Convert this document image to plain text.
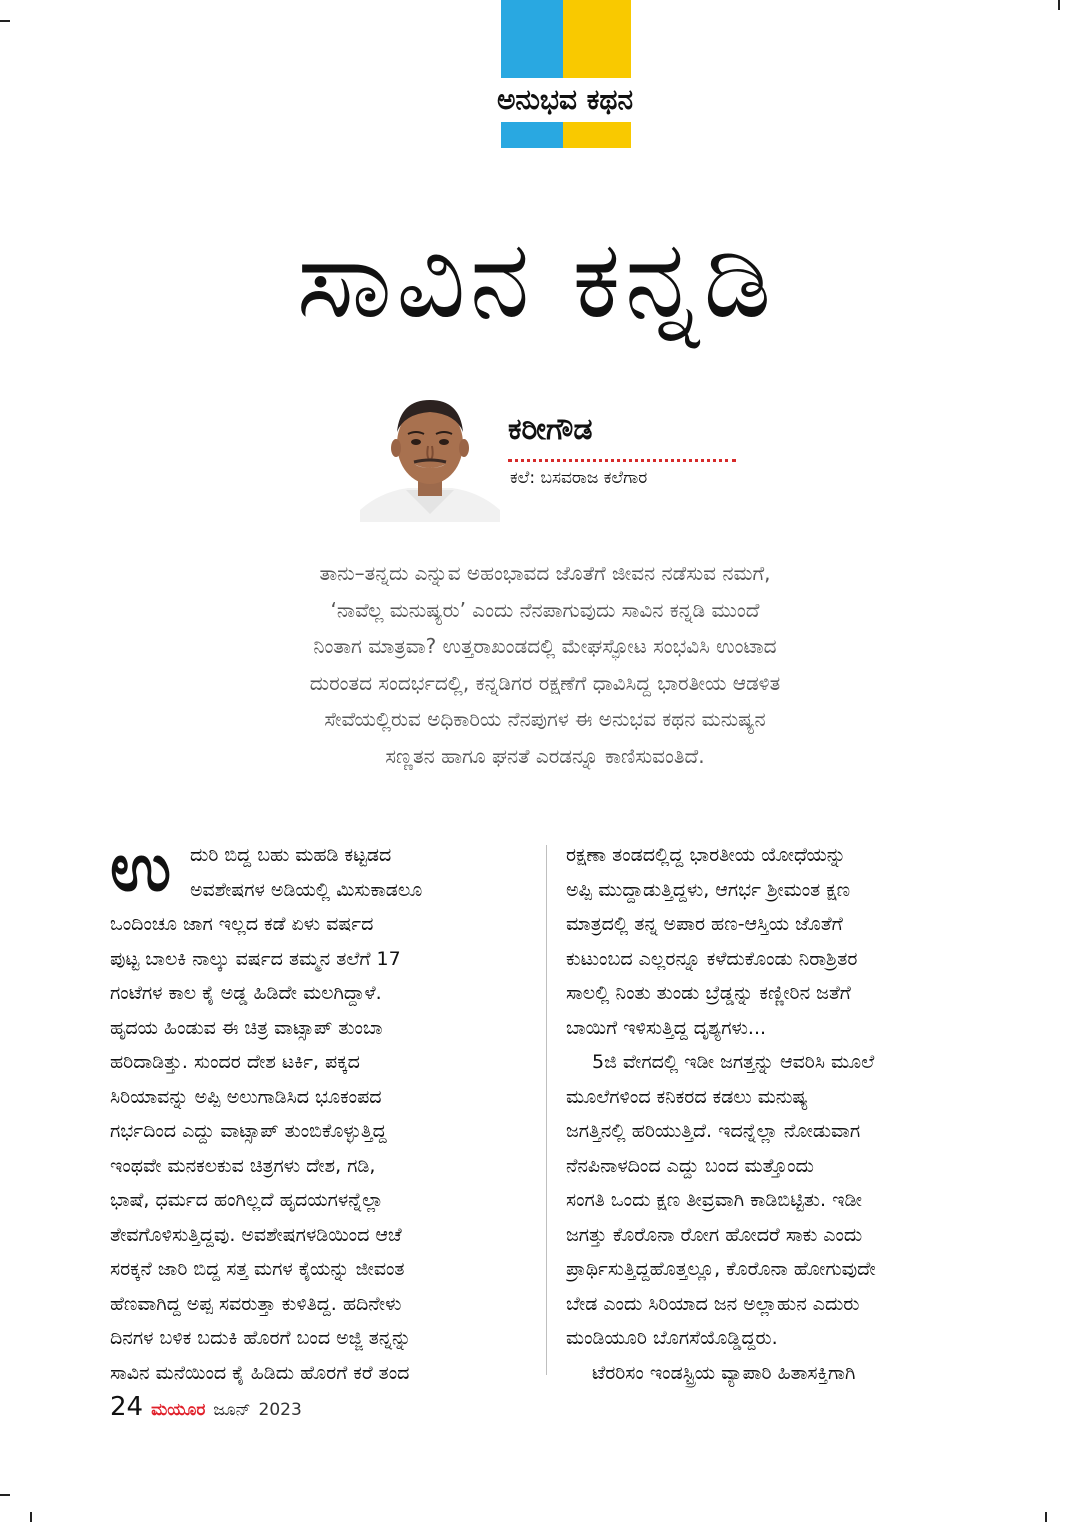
ಅನುಭವ ಕಥನ
ಸಾವಿನ ಕನ್ನಡಿ
ಕರೀಗೌಡ
ಕಲೆ: ಬಸವರಾಜ ಕಲೆಗಾರ
ತಾನು–ತನ್ನದು ಎನ್ನುವ ಅಹಂಭಾವದ ಜೊತೆಗೆ ಜೀವನ ನಡೆಸುವ ನಮಗೆ,
‘ನಾವೆಲ್ಲ ಮನುಷ್ಯರು’ ಎಂದು ನೆನಪಾಗುವುದು ಸಾವಿನ ಕನ್ನಡಿ ಮುಂದೆ
ನಿಂತಾಗ ಮಾತ್ರವಾ? ಉತ್ತರಾಖಂಡದಲ್ಲಿ ಮೇಘಸ್ಫೋಟ ಸಂಭವಿಸಿ ಉಂಟಾದ
ದುರಂತದ ಸಂದರ್ಭದಲ್ಲಿ, ಕನ್ನಡಿಗರ ರಕ್ಷಣೆಗೆ ಧಾವಿಸಿದ್ದ ಭಾರತೀಯ ಆಡಳಿತ
ಸೇವೆಯಲ್ಲಿರುವ ಅಧಿಕಾರಿಯ ನೆನಪುಗಳ ಈ ಅನುಭವ ಕಥನ ಮನುಷ್ಯನ
ಸಣ್ಣತನ ಹಾಗೂ ಘನತೆ ಎರಡನ್ನೂ ಕಾಣಿಸುವಂತಿದೆ.
ಉ ದುರಿ ಬಿದ್ದ ಬಹು ಮಹಡಿ ಕಟ್ಟಡದ
ಅವಶೇಷಗಳ ಅಡಿಯಲ್ಲಿ ಮಿಸುಕಾಡಲೂ
ಒಂದಿಂಚೂ ಜಾಗ ಇಲ್ಲದ ಕಡೆ ಏಳು ವರ್ಷದ
ಪುಟ್ಟ ಬಾಲಕಿ ನಾಲ್ಕು ವರ್ಷದ ತಮ್ಮನ ತಲೆಗೆ 17
ಗಂಟೆಗಳ ಕಾಲ ಕೈ ಅಡ್ಡ ಹಿಡಿದೇ ಮಲಗಿದ್ದಾಳೆ.
ಹೃದಯ ಹಿಂಡುವ ಈ ಚಿತ್ರ ವಾಟ್ಸಾಪ್ ತುಂಬಾ
ಹರಿದಾಡಿತ್ತು. ಸುಂದರ ದೇಶ ಟರ್ಕಿ, ಪಕ್ಕದ
ಸಿರಿಯಾವನ್ನು ಅಪ್ಪಿ ಅಲುಗಾಡಿಸಿದ ಭೂಕಂಪದ
ಗರ್ಭದಿಂದ ಎದ್ದು ವಾಟ್ಸಾಪ್ ತುಂಬಿಕೊಳ್ಳುತ್ತಿದ್ದ
ಇಂಥವೇ ಮನಕಲಕುವ ಚಿತ್ರಗಳು ದೇಶ, ಗಡಿ,
ಭಾಷೆ, ಧರ್ಮದ ಹಂಗಿಲ್ಲದೆ ಹೃದಯಗಳನ್ನೆಲ್ಲಾ
ತೇವಗೊಳಿಸುತ್ತಿದ್ದವು. ಅವಶೇಷಗಳಡಿಯಿಂದ ಆಚೆ
ಸರಕ್ಕನೆ ಜಾರಿ ಬಿದ್ದ ಸತ್ತ ಮಗಳ ಕೈಯನ್ನು ಜೀವಂತ
ಹೆಣವಾಗಿದ್ದ ಅಪ್ಪ ಸವರುತ್ತಾ ಕುಳಿತಿದ್ದ. ಹದಿನೇಳು
ದಿನಗಳ ಬಳಿಕ ಬದುಕಿ ಹೊರಗೆ ಬಂದ ಅಜ್ಜಿ ತನ್ನನ್ನು
ಸಾವಿನ ಮನೆಯಿಂದ ಕೈ ಹಿಡಿದು ಹೊರಗೆ ಕರೆ ತಂದ
ರಕ್ಷಣಾ ತಂಡದಲ್ಲಿದ್ದ ಭಾರತೀಯ ಯೋಧೆಯನ್ನು
ಅಪ್ಪಿ ಮುದ್ದಾಡುತ್ತಿದ್ದಳು, ಆಗರ್ಭ ಶ್ರೀಮಂತ ಕ್ಷಣ
ಮಾತ್ರದಲ್ಲಿ ತನ್ನ ಅಪಾರ ಹಣ-ಆಸ್ತಿಯ ಜೊತೆಗೆ
ಕುಟುಂಬದ ಎಲ್ಲರನ್ನೂ ಕಳೆದುಕೊಂಡು ನಿರಾಶ್ರಿತರ
ಸಾಲಲ್ಲಿ ನಿಂತು ತುಂಡು ಬ್ರೆಡ್ಡನ್ನು ಕಣ್ಣೀರಿನ ಜತೆಗೆ
ಬಾಯಿಗೆ ಇಳಿಸುತ್ತಿದ್ದ ದೃಶ್ಯಗಳು...
5ಜಿ ವೇಗದಲ್ಲಿ ಇಡೀ ಜಗತ್ತನ್ನು ಆವರಿಸಿ ಮೂಲೆ
ಮೂಲೆಗಳಿಂದ ಕನಿಕರದ ಕಡಲು ಮನುಷ್ಯ
ಜಗತ್ತಿನಲ್ಲಿ ಹರಿಯುತ್ತಿದೆ. ಇದನ್ನೆಲ್ಲಾ ನೋಡುವಾಗ
ನೆನಪಿನಾಳದಿಂದ ಎದ್ದು ಬಂದ ಮತ್ತೊಂದು
ಸಂಗತಿ ಒಂದು ಕ್ಷಣ ತೀವ್ರವಾಗಿ ಕಾಡಿಬಿಟ್ಟಿತು. ಇಡೀ
ಜಗತ್ತು ಕೊರೊನಾ ರೋಗ ಹೋದರೆ ಸಾಕು ಎಂದು
ಪ್ರಾರ್ಥಿಸುತ್ತಿದ್ದಹೊತ್ತಲ್ಲೂ, ಕೊರೊನಾ ಹೋಗುವುದೇ
ಬೇಡ ಎಂದು ಸಿರಿಯಾದ ಜನ ಅಲ್ಲಾಹುನ ಎದುರು
ಮಂಡಿಯೂರಿ ಬೊಗಸೆಯೊಡ್ಡಿದ್ದರು.
ಟೆರರಿಸಂ ಇಂಡಸ್ಟ್ರಿಯ ವ್ಯಾಪಾರಿ ಹಿತಾಸಕ್ತಿಗಾಗಿ
24 ಮಯೂರ ಜೂನ್ 2023
